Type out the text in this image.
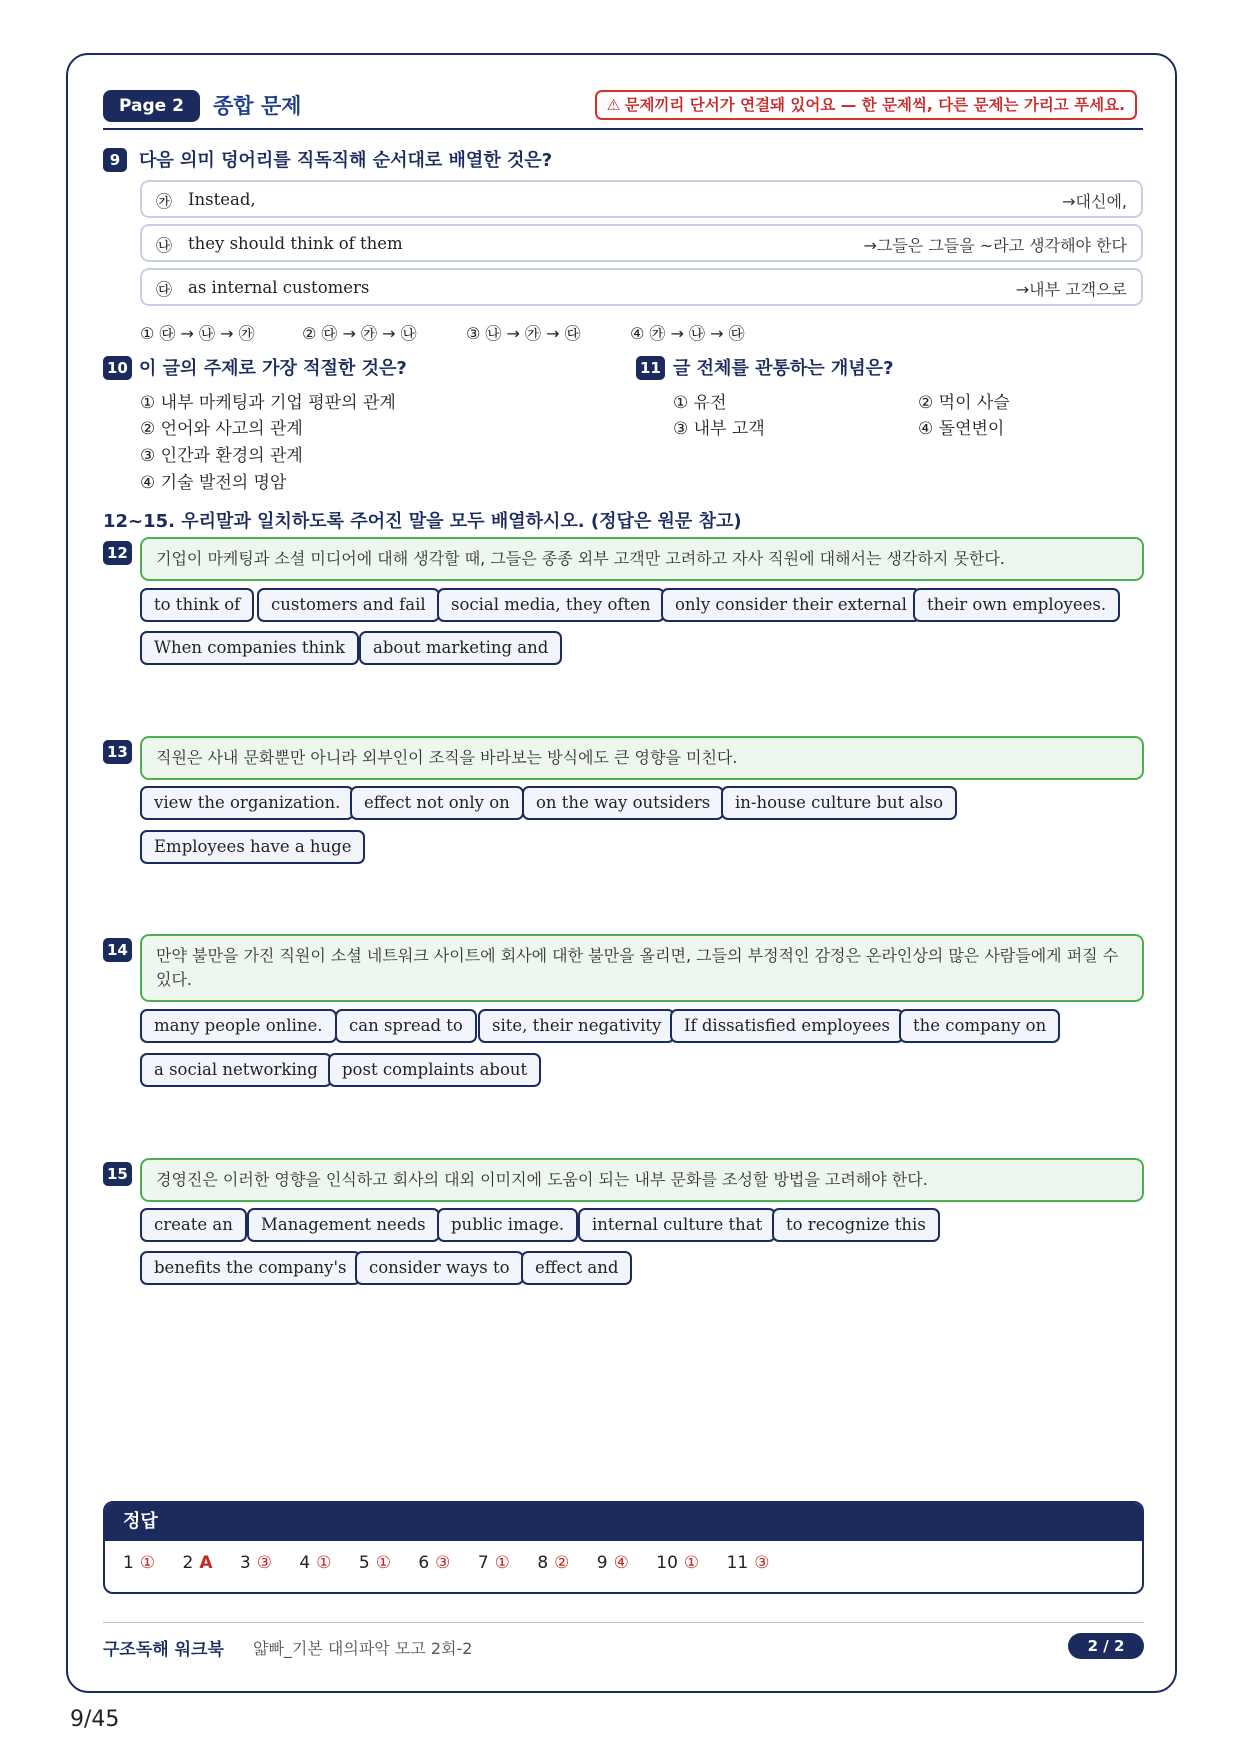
Page 2	종합 문제	⚠ 문제끼리 단서가 연결돼 있어요 — 한 문제씩, 다른 문제는 가리고 푸세요.
9	다음 의미 덩어리를 직독직해 순서대로 배열한 것은?
㉮ Instead,	→대신에,
㉯ they should think of them	→그들은 그들을 ~라고 생각해야 한다
㉰ as internal customers	→내부 고객으로
① ㉰ → ㉯ → ㉮	② ㉰ → ㉮ → ㉯	③ ㉯ → ㉮ → ㉰	④ ㉮ → ㉯ → ㉰
10 이 글의 주제로 가장 적절한 것은?
① 내부 마케팅과 기업 평판의 관계
② 언어와 사고의 관계
③ 인간과 환경의 관계
④ 기술 발전의 명암
11 글 전체를 관통하는 개념은?
① 유전	② 먹이 사슬
③ 내부 고객	④ 돌연변이
12~15. 우리말과 일치하도록 주어진 말을 모두 배열하시오. (정답은 원문 참고)
12	기업이 마케팅과 소셜 미디어에 대해 생각할 때, 그들은 종종 외부 고객만 고려하고 자사 직원에 대해서는 생각하지 못한다.
to think of	customers and fail	social media, they often	only consider their external	their own employees.
When companies think	about marketing and
13	직원은 사내 문화뿐만 아니라 외부인이 조직을 바라보는 방식에도 큰 영향을 미친다.
view the organization.	effect not only on	on the way outsiders	in-house culture but also
Employees have a huge
14	만약 불만을 가진 직원이 소셜 네트워크 사이트에 회사에 대한 불만을 올리면, 그들의 부정적인 감정은 온라인상의 많은 사람들에게 퍼질 수 있다.
many people online.	can spread to	site, their negativity	If dissatisfied employees	the company on
a social networking	post complaints about
15	경영진은 이러한 영향을 인식하고 회사의 대외 이미지에 도움이 되는 내부 문화를 조성할 방법을 고려해야 한다.
create an	Management needs	public image.	internal culture that	to recognize this
benefits the company's	consider ways to	effect and
정답
1 ① 2 A 3 ③ 4 ① 5 ① 6 ③ 7 ① 8 ② 9 ④ 10 ① 11 ③
구조독해 워크북 얇빠_기본 대의파악 모고 2회-2	2 / 2
9/45
